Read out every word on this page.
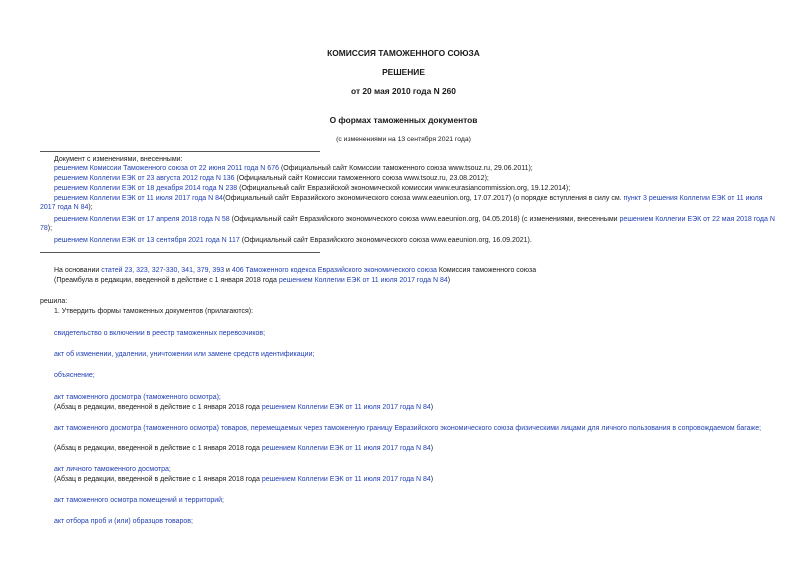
КОМИССИЯ ТАМОЖЕННОГО СОЮЗА
РЕШЕНИЕ
от 20 мая 2010 года N 260
О формах таможенных документов
(с изменениями на 13 сентября 2021 года)
Документ с изменениями, внесенными:
решением Комиссии Таможенного союза от 22 июня 2011 года N 676 (Официальный сайт Комиссии таможенного союза www.tsouz.ru, 29.06.2011);
решением Коллегии ЕЭК от 23 августа 2012 года N 136 (Официальный сайт Комиссии таможенного союза www.tsouz.ru, 23.08.2012);
решением Коллегии ЕЭК от 18 декабря 2014 года N 238 (Официальный сайт Евразийской экономической комиссии www.eurasiancommission.org, 19.12.2014);
решением Коллегии ЕЭК от 11 июля 2017 года N 84(Официальный сайт Евразийского экономического союза www.eaeunion.org, 17.07.2017) (о порядке вступления в силу см. пункт 3 решения Коллегии ЕЭК от 11 июля 2017 года N 84);
решением Коллегии ЕЭК от 17 апреля 2018 года N 58 (Официальный сайт Евразийского экономического союза www.eaeunion.org, 04.05.2018) (с изменениями, внесенными решением Коллегии ЕЭК от 22 мая 2018 года N 78);
решением Коллегии ЕЭК от 13 сентября 2021 года N 117 (Официальный сайт Евразийского экономического союза www.eaeunion.org, 16.09.2021).
На основании статей 23, 323, 327-330, 341, 379, 393 и 406 Таможенного кодекса Евразийского экономического союза Комиссия таможенного союза
(Преамбула в редакции, введенной в действие с 1 января 2018 года решением Коллегии ЕЭК от 11 июля 2017 года N 84)
решила:
1. Утвердить формы таможенных документов (прилагаются):
свидетельство о включении в реестр таможенных перевозчиков;
акт об изменении, удалении, уничтожении или замене средств идентификации;
объяснение;
акт таможенного досмотра (таможенного осмотра);
(Абзац в редакции, введенной в действие с 1 января 2018 года решением Коллегии ЕЭК от 11 июля 2017 года N 84)
акт таможенного досмотра (таможенного осмотра) товаров, перемещаемых через таможенную границу Евразийского экономического союза физическими лицами для личного пользования в сопровождаемом багаже;
(Абзац в редакции, введенной в действие с 1 января 2018 года решением Коллегии ЕЭК от 11 июля 2017 года N 84)
акт личного таможенного досмотра;
(Абзац в редакции, введенной в действие с 1 января 2018 года решением Коллегии ЕЭК от 11 июля 2017 года N 84)
акт таможенного осмотра помещений и территорий;
акт отбора проб и (или) образцов товаров;
